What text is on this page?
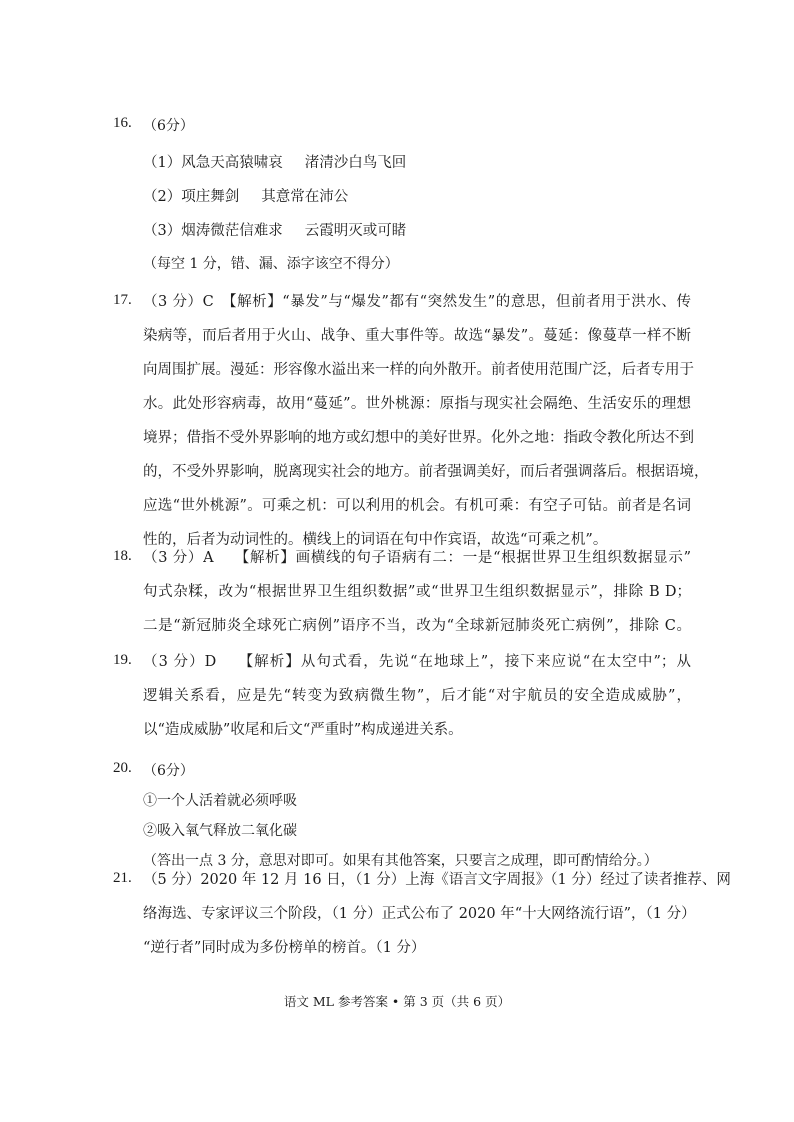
16. （6分）
（1）风急天高猿啸哀 渚清沙白鸟飞回
（2）项庄舞剑 其意常在沛公
（3）烟涛微茫信难求 云霞明灭或可睹
（每空 1 分，错、漏、添字该空不得分）
17. （3 分）C　【解析】“暴发”与“爆发”都有“突然发生”的意思，但前者用于洪水、传
染病等，而后者用于火山、战争、重大事件等。故选“暴发”。蔓延：像蔓草一样不断
向周围扩展。漫延：形容像水溢出来一样的向外散开。前者使用范围广泛，后者专用于
水。此处形容病毒，故用“蔓延”。世外桃源：原指与现实社会隔绝、生活安乐的理想
境界；借指不受外界影响的地方或幻想中的美好世界。化外之地：指政令教化所达不到
的，不受外界影响，脱离现实社会的地方。前者强调美好，而后者强调落后。根据语境，
应选“世外桃源”。可乘之机：可以利用的机会。有机可乘：有空子可钻。前者是名词
性的，后者为动词性的。横线上的词语在句中作宾语，故选“可乘之机”。
18. （3 分）A　 【解析】画横线的句子语病有二：一是“根据世界卫生组织数据显示”
句式杂糅，改为“根据世界卫生组织数据”或“世界卫生组织数据显示”，排除 B D；
二是“新冠肺炎全球死亡病例”语序不当，改为“全球新冠肺炎死亡病例”，排除 C。
19. （3 分）D　 【解析】从句式看，先说“在地球上”，接下来应说“在太空中”；从
逻辑关系看，应是先“转变为致病微生物”，后才能“对宇航员的安全造成威胁”，
以“造成威胁”收尾和后文“严重时”构成递进关系。
20. （6分）
①一个人活着就必须呼吸
②吸入氧气释放二氧化碳
（答出一点 3 分，意思对即可。如果有其他答案，只要言之成理，即可酌情给分。）
21. （5 分）2020 年 12 月 16 日，（1 分）上海《语言文字周报》（1 分）经过了读者推荐、网
络海选、专家评议三个阶段，（1 分）正式公布了 2020 年“十大网络流行语”，（1 分）
“逆行者”同时成为多份榜单的榜首。（1 分）
语文 ML 参考答案 • 第 3 页（共 6 页）
